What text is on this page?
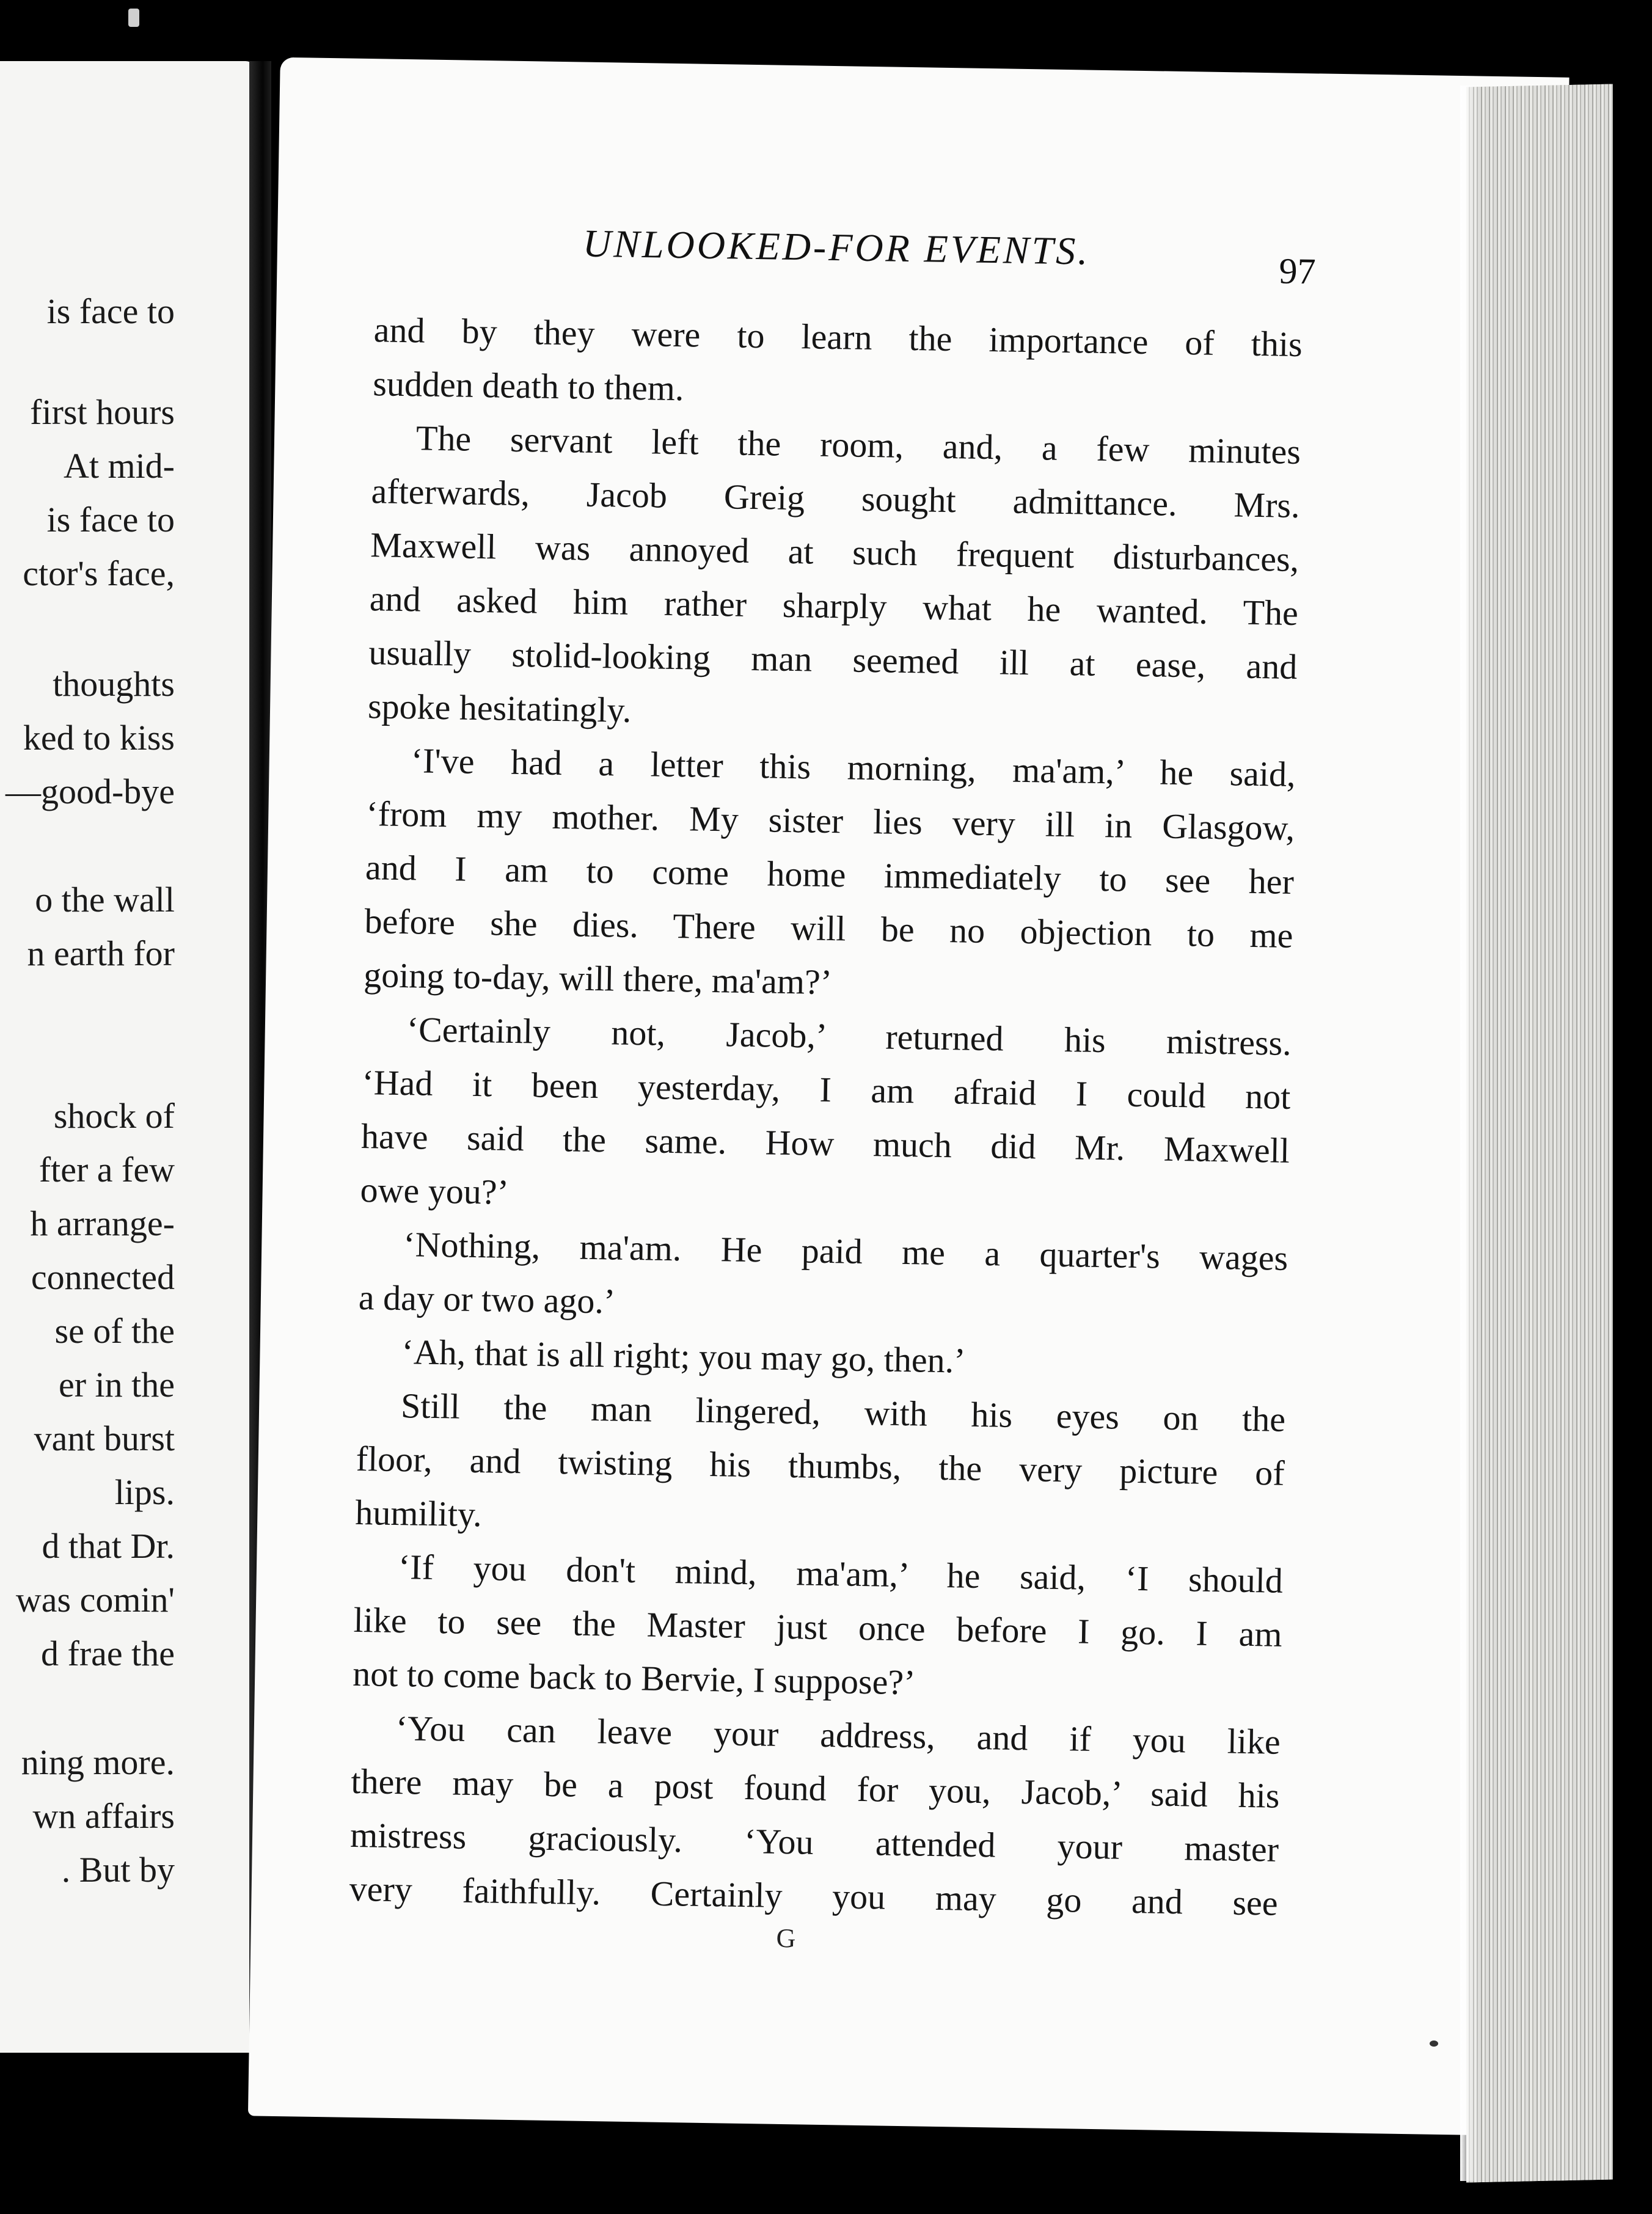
is face to
first hours
At mid-
is face to
ctor's face,
thoughts
ked to kiss
—good-bye
o the wall
n earth for
shock of
fter a few
h arrange-
connected
se of the
er in the
vant burst
lips.
d that Dr.
was comin'
d frae the
ning more.
wn affairs
. But by
UNLOOKED-FOR EVENTS.	97
and by they were to learn the importance of this
sudden death to them.
The servant left the room, and, a few minutes
afterwards, Jacob Greig sought admittance. Mrs.
Maxwell was annoyed at such frequent disturbances,
and asked him rather sharply what he wanted. The
usually stolid-looking man seemed ill at ease, and
spoke hesitatingly.
‘I've had a letter this morning, ma'am,’ he said,
‘from my mother. My sister lies very ill in Glasgow,
and I am to come home immediately to see her
before she dies. There will be no objection to me
going to-day, will there, ma'am?’
‘Certainly not, Jacob,’ returned his mistress.
‘Had it been yesterday, I am afraid I could not
have said the same. How much did Mr. Maxwell
owe you?’
‘Nothing, ma'am. He paid me a quarter's wages
a day or two ago.’
‘Ah, that is all right; you may go, then.’
Still the man lingered, with his eyes on the
floor, and twisting his thumbs, the very picture of
humility.
‘If you don't mind, ma'am,’ he said, ‘I should
like to see the Master just once before I go. I am
not to come back to Bervie, I suppose?’
‘You can leave your address, and if you like
there may be a post found for you, Jacob,’ said his
mistress graciously. ‘You attended your master
very faithfully. Certainly you may go and see
G
